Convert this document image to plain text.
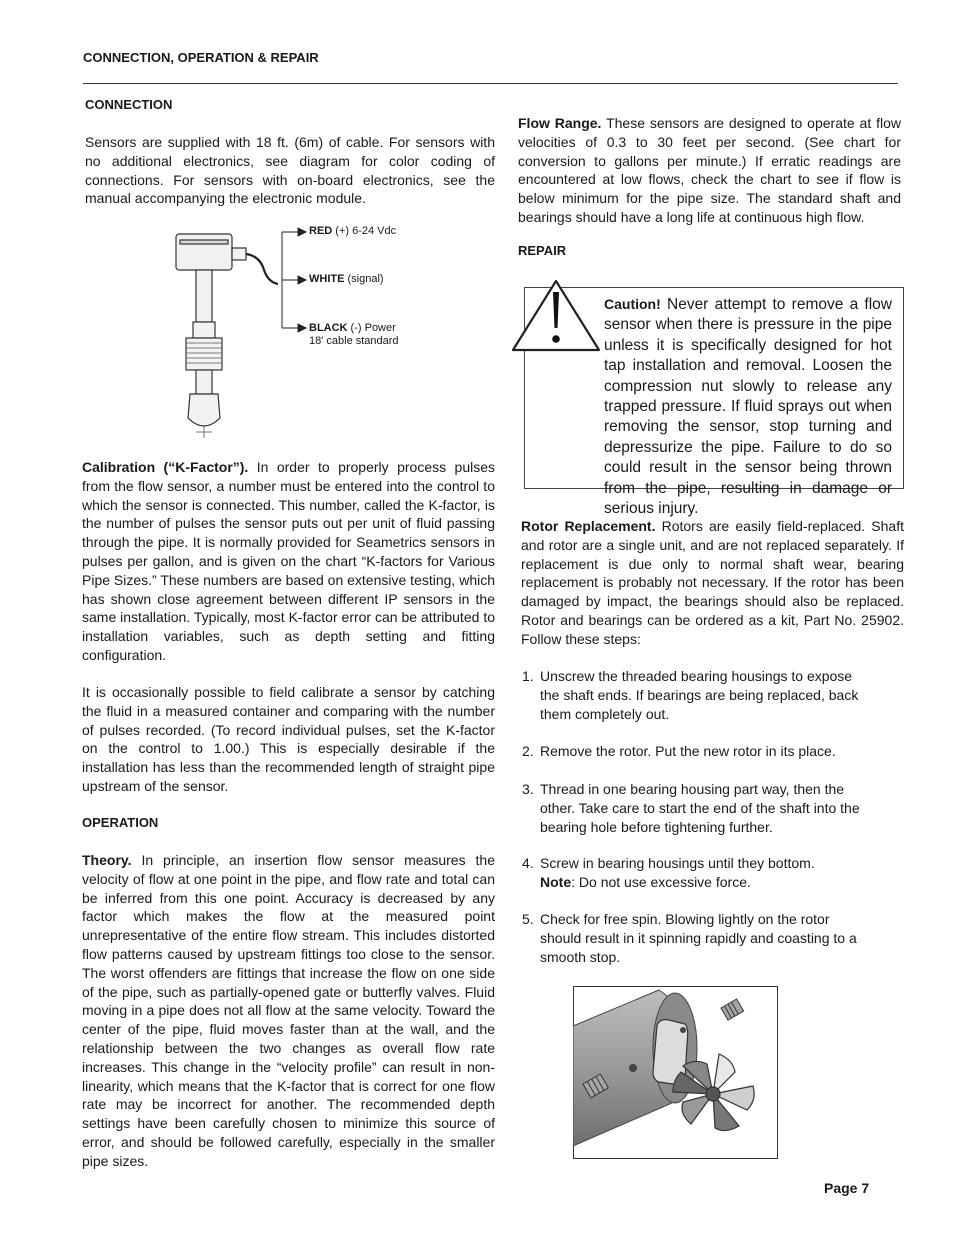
CONNECTION, OPERATION & REPAIR
CONNECTION
Sensors are supplied with 18 ft. (6m) of cable. For sensors with no additional electronics, see diagram for color coding of connections. For sensors with on-board electronics, see the manual accompanying the electronic module.
RED (+) 6-24 Vdc
WHITE (signal)
BLACK (-) Power
18' cable standard
Calibration (“K-Factor”). In order to properly process pulses from the flow sensor, a number must be entered into the control to which the sensor is connected. This number, called the K-factor, is the number of pulses the sensor puts out per unit of fluid passing through the pipe. It is normally provided for Seametrics sensors in pulses per gallon, and is given on the chart “K-factors for Various Pipe Sizes.” These numbers are based on extensive testing, which has shown close agreement between different IP sensors in the same installation. Typically, most K-factor error can be attributed to installation variables, such as depth setting and fitting configuration.
It is occasionally possible to field calibrate a sensor by catching the fluid in a measured container and comparing with the number of pulses recorded. (To record individual pulses, set the K-factor on the control to 1.00.) This is especially desirable if the installation has less than the recommended length of straight pipe upstream of the sensor.
OPERATION
Theory. In principle, an insertion flow sensor measures the velocity of flow at one point in the pipe, and flow rate and total can be inferred from this one point. Accuracy is decreased by any factor which makes the flow at the measured point unrepresentative of the entire flow stream. This includes distorted flow patterns caused by upstream fittings too close to the sensor. The worst offenders are fittings that increase the flow on one side of the pipe, such as partially-opened gate or butterfly valves. Fluid moving in a pipe does not all flow at the same velocity. Toward the center of the pipe, fluid moves faster than at the wall, and the relationship between the two changes as overall flow rate increases. This change in the “velocity profile” can result in non-linearity, which means that the K-factor that is correct for one flow rate may be incorrect for another. The recommended depth settings have been carefully chosen to minimize this source of error, and should be followed carefully, especially in the smaller pipe sizes.
Flow Range. These sensors are designed to operate at flow velocities of 0.3 to 30 feet per second. (See chart for conversion to gallons per minute.) If erratic readings are encountered at low flows, check the chart to see if flow is below minimum for the pipe size. The standard shaft and bearings should have a long life at continuous high flow.
REPAIR
Caution! Never attempt to remove a flow sensor when there is pressure in the pipe unless it is specifically designed for hot tap installation and removal. Loosen the compression nut slowly to release any trapped pressure. If fluid sprays out when removing the sensor, stop turning and depressurize the pipe. Failure to do so could result in the sensor being thrown from the pipe, resulting in damage or serious injury.
Rotor Replacement. Rotors are easily field-replaced. Shaft and rotor are a single unit, and are not replaced separately. If replacement is due only to normal shaft wear, bearing replacement is probably not necessary. If the rotor has been damaged by impact, the bearings should also be replaced. Rotor and bearings can be ordered as a kit, Part No. 25902. Follow these steps:
1. Unscrew the threaded bearing housings to expose the shaft ends. If bearings are being replaced, back them completely out.
2. Remove the rotor. Put the new rotor in its place.
3. Thread in one bearing housing part way, then the other. Take care to start the end of the shaft into the bearing hole before tightening further.
4. Screw in bearing housings until they bottom.
Note: Do not use excessive force.
5. Check for free spin. Blowing lightly on the rotor should result in it spinning rapidly and coasting to a smooth stop.
Page 7
